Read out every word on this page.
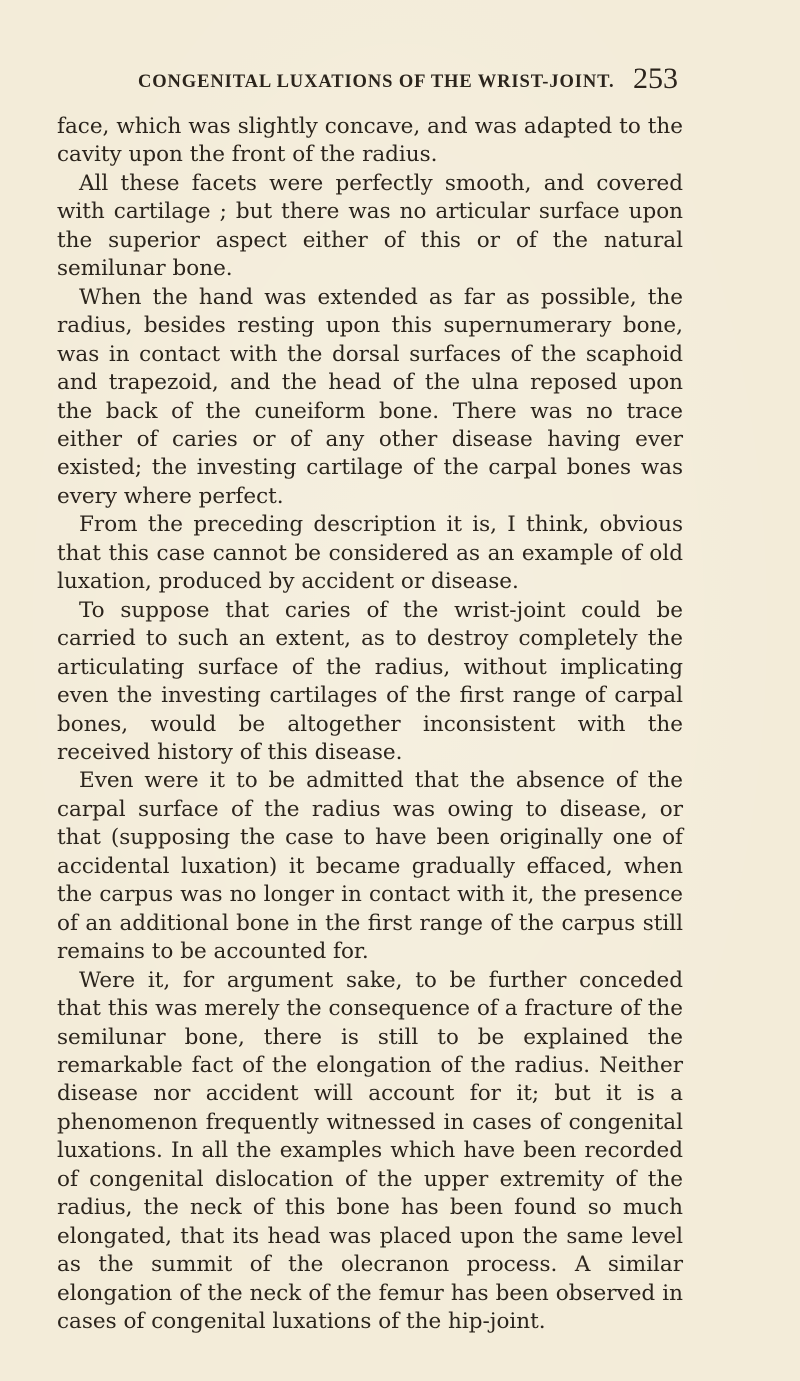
CONGENITAL LUXATIONS OF THE WRIST-JOINT. 253

face, which was slightly concave, and was adapted to the cavity upon the front of the radius.

All these facets were perfectly smooth, and covered with cartilage ; but there was no articular surface upon the superior aspect either of this or of the natural semilunar bone.

When the hand was extended as far as possible, the radius, besides resting upon this supernumerary bone, was in contact with the dorsal surfaces of the scaphoid and trapezoid, and the head of the ulna reposed upon the back of the cuneiform bone. There was no trace either of caries or of any other disease having ever existed; the investing cartilage of the carpal bones was every where perfect.

From the preceding description it is, I think, obvious that this case cannot be considered as an example of old luxation, produced by accident or disease.

To suppose that caries of the wrist-joint could be carried to such an extent, as to destroy completely the articulating surface of the radius, without implicating even the investing cartilages of the first range of carpal bones, would be altogether inconsistent with the received history of this disease.

Even were it to be admitted that the absence of the carpal surface of the radius was owing to disease, or that (supposing the case to have been originally one of accidental luxation) it became gradually effaced, when the carpus was no longer in contact with it, the presence of an additional bone in the first range of the carpus still remains to be accounted for.

Were it, for argument sake, to be further conceded that this was merely the consequence of a fracture of the semilunar bone, there is still to be explained the remarkable fact of the elongation of the radius. Neither disease nor accident will account for it; but it is a phenomenon frequently witnessed in cases of congenital luxations. In all the examples which have been recorded of congenital dislocation of the upper extremity of the radius, the neck of this bone has been found so much elongated, that its head was placed upon the same level as the summit of the olecranon process. A similar elongation of the neck of the femur has been observed in cases of congenital luxations of the hip-joint.
